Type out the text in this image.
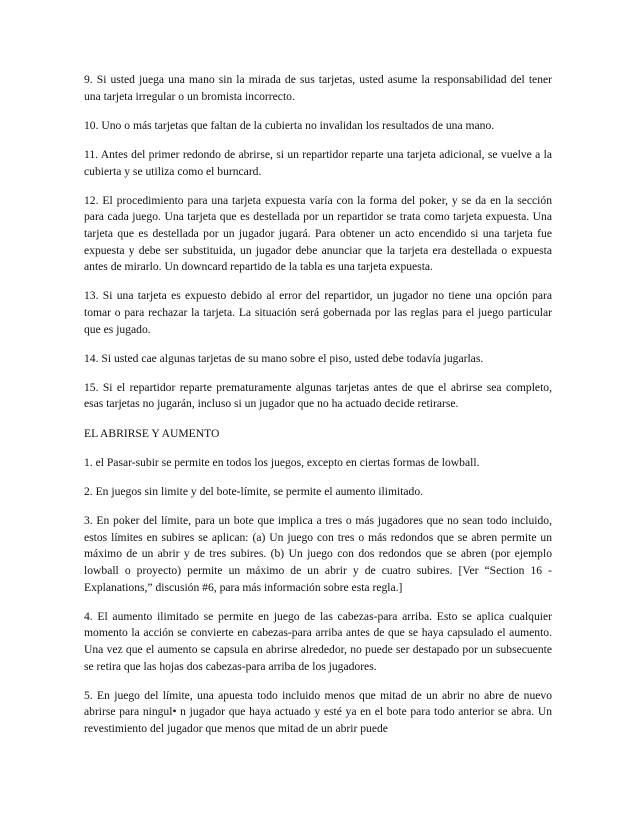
9. Si usted juega una mano sin la mirada de sus tarjetas, usted asume la responsabilidad del tener una tarjeta irregular o un bromista incorrecto.

10. Uno o más tarjetas que faltan de la cubierta no invalidan los resultados de una mano.

11. Antes del primer redondo de abrirse, si un repartidor reparte una tarjeta adicional, se vuelve a la cubierta y se utiliza como el burncard.

12. El procedimiento para una tarjeta expuesta varía con la forma del poker, y se da en la sección para cada juego. Una tarjeta que es destellada por un repartidor se trata como tarjeta expuesta. Una tarjeta que es destellada por un jugador jugará. Para obtener un acto encendido si una tarjeta fue expuesta y debe ser substituida, un jugador debe anunciar que la tarjeta era destellada o expuesta antes de mirarlo. Un downcard repartido de la tabla es una tarjeta expuesta.

13. Si una tarjeta es expuesto debido al error del repartidor, un jugador no tiene una opción para tomar o para rechazar la tarjeta. La situación será gobernada por las reglas para el juego particular que es jugado.

14. Si usted cae algunas tarjetas de su mano sobre el piso, usted debe todavía jugarlas.

15. Si el repartidor reparte prematuramente algunas tarjetas antes de que el abrirse sea completo, esas tarjetas no jugarán, incluso si un jugador que no ha actuado decide retirarse.

EL ABRIRSE Y AUMENTO

1. el Pasar-subir se permite en todos los juegos, excepto en ciertas formas de lowball.

2. En juegos sin limite y del bote-límite, se permite el aumento ilimitado.

3. En poker del límite, para un bote que implica a tres o más jugadores que no sean todo incluido, estos límites en subires se aplican: (a) Un juego con tres o más redondos que se abren permite un máximo de un abrir y de tres subires. (b) Un juego con dos redondos que se abren (por ejemplo lowball o proyecto) permite un máximo de un abrir y de cuatro subires. [Ver “Section 16 - Explanations,” discusión #6, para más información sobre esta regla.]

4. El aumento ilimitado se permite en juego de las cabezas-para arriba. Esto se aplica cualquier momento la acción se convierte en cabezas-para arriba antes de que se haya capsulado el aumento. Una vez que el aumento se capsula en abrirse alrededor, no puede ser destapado por un subsecuente se retira que las hojas dos cabezas-para arriba de los jugadores.

5. En juego del límite, una apuesta todo incluido menos que mitad de un abrir no abre de nuevo abrirse para ningul• n jugador que haya actuado y esté ya en el bote para todo anterior se abra. Un revestimiento del jugador que menos que mitad de un abrir puede
